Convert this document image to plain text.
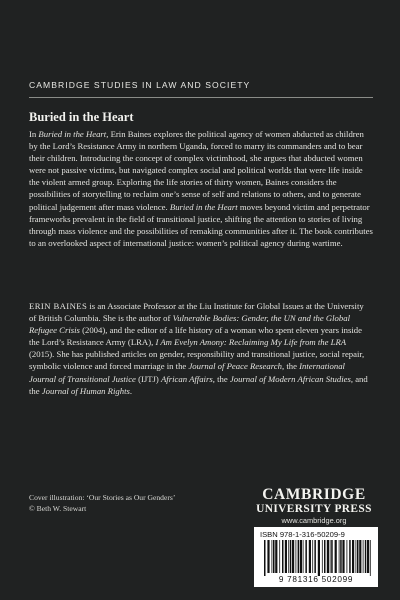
CAMBRIDGE STUDIES IN LAW AND SOCIETY
Buried in the Heart

In Buried in the Heart, Erin Baines explores the political agency of women abducted as children by the Lord’s Resistance Army in northern Uganda, forced to marry its commanders and to bear their children. Introducing the concept of complex victimhood, she argues that abducted women were not passive victims, but navigated complex social and political worlds that were life inside the violent armed group. Exploring the life stories of thirty women, Baines considers the possibilities of storytelling to reclaim one’s sense of self and relations to others, and to generate political judgement after mass violence. Buried in the Heart moves beyond victim and perpetrator frameworks prevalent in the field of transitional justice, shifting the attention to stories of living through mass violence and the possibilities of remaking communities after it. The book contributes to an overlooked aspect of international justice: women’s political agency during wartime.

ERIN BAINES is an Associate Professor at the Liu Institute for Global Issues at the University of British Columbia. She is the author of Vulnerable Bodies: Gender, the UN and the Global Refugee Crisis (2004), and the editor of a life history of a woman who spent eleven years inside the Lord’s Resistance Army (LRA), I Am Evelyn Amony: Reclaiming My Life from the LRA (2015). She has published articles on gender, responsibility and transitional justice, social repair, symbolic violence and forced marriage in the Journal of Peace Research, the International Journal of Transitional Justice (IJTJ) African Affairs, the Journal of Modern African Studies, and the Journal of Human Rights.

Cover illustration: ‘Our Stories as Our Genders’
© Beth W. Stewart
CAMBRIDGE
UNIVERSITY PRESS
www.cambridge.org
ISBN 978-1-316-50209-9
9 781316 502099
